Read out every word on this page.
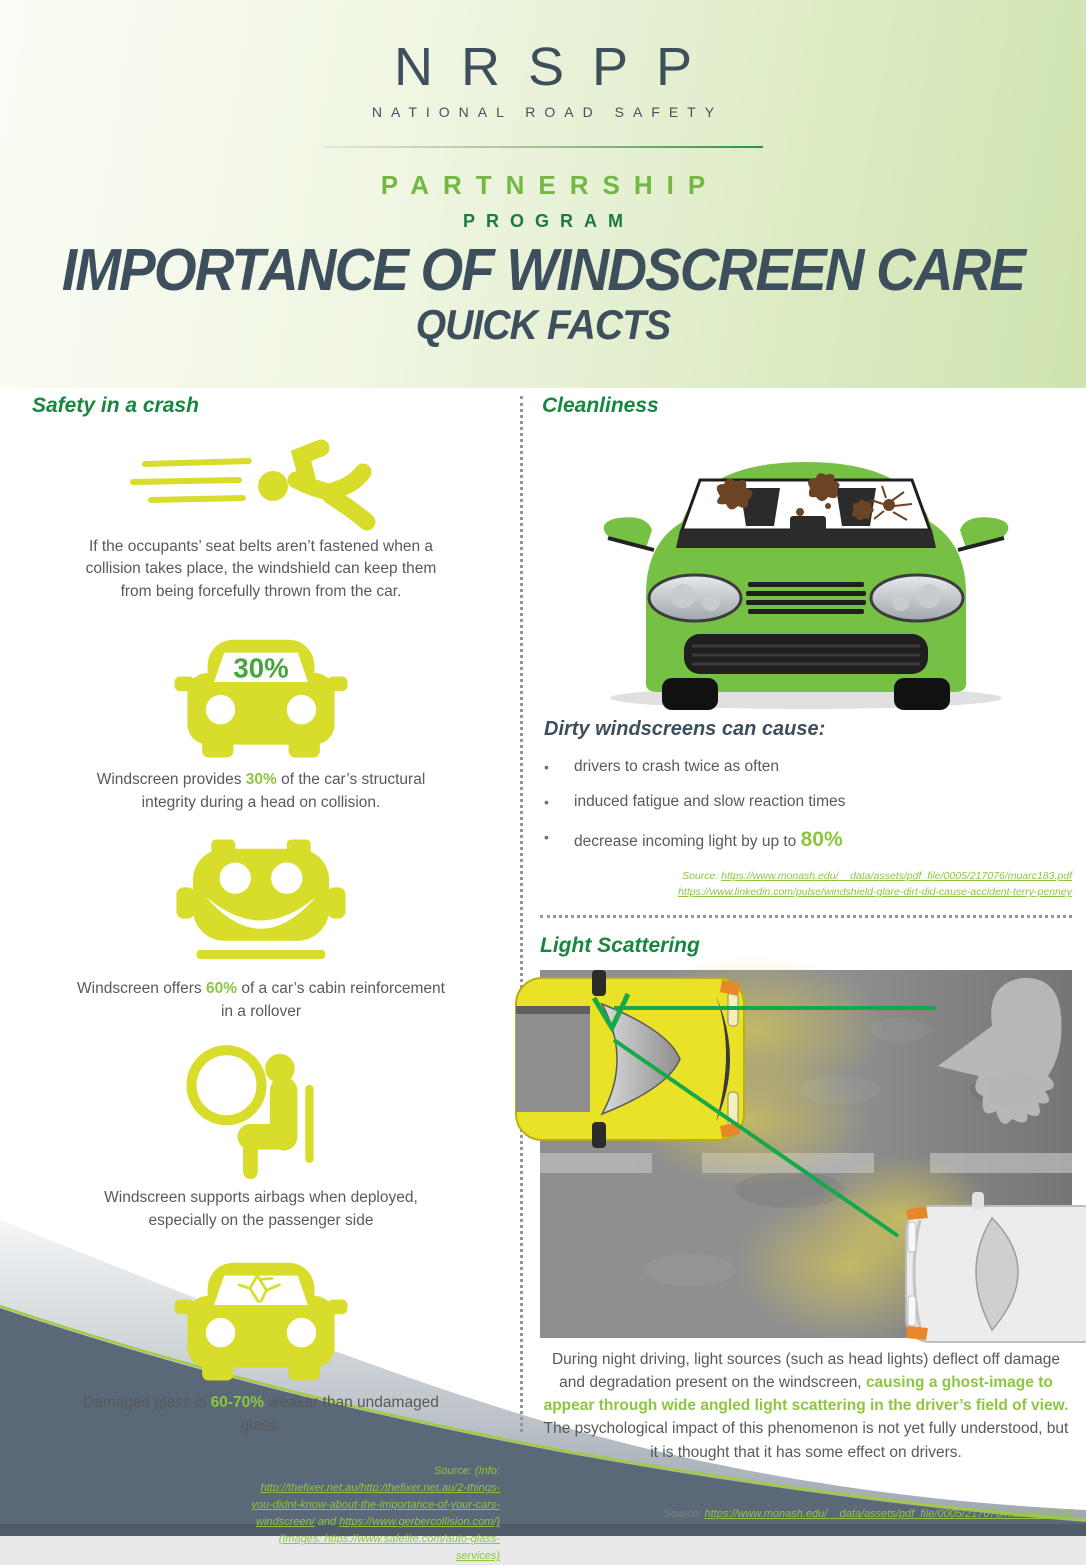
NRSPP
NATIONAL ROAD SAFETY
PARTNERSHIP
PROGRAM
IMPORTANCE OF WINDSCREEN CARE
QUICK FACTS
Safety in a crash

If the occupants’ seat belts aren’t fastened when a collision takes place, the windshield can keep them from being forcefully thrown from the car.

30%

Windscreen provides 30% of the car’s structural integrity during a head on collision.

Windscreen offers 60% of a car’s cabin reinforcement in a rollover

Windscreen supports airbags when deployed, especially on the passenger side

Damaged glass is 60-70% weaker than undamaged glass.

Source: (Info: http://thefixer.net.au/http:/thefixer.net.au/2-things-you-didnt-know-about-the-importance-of-your-cars-windscreen/ and https://www.gerbercollision.com/) (Images: https://www.safelite.com/auto-glass-services)
Cleanliness
Dirty windscreens can cause:
• drivers to crash twice as often
• induced fatigue and slow reaction times
• decrease incoming light by up to 80%
Source: https://www.monash.edu/__data/assets/pdf_file/0005/217076/muarc183.pdf
https://www.linkedin.com/pulse/windshield-glare-dirt-did-cause-accident-terry-penney
Light Scattering

During night driving, light sources (such as head lights) deflect off damage and degradation present on the windscreen, causing a ghost-image to appear through wide angled light scattering in the driver’s field of view. The psychological impact of this phenomenon is not yet fully understood, but it is thought that it has some effect on drivers.

Source: https://www.monash.edu/__data/assets/pdf_file/0005/217076/muarc183.pdf
